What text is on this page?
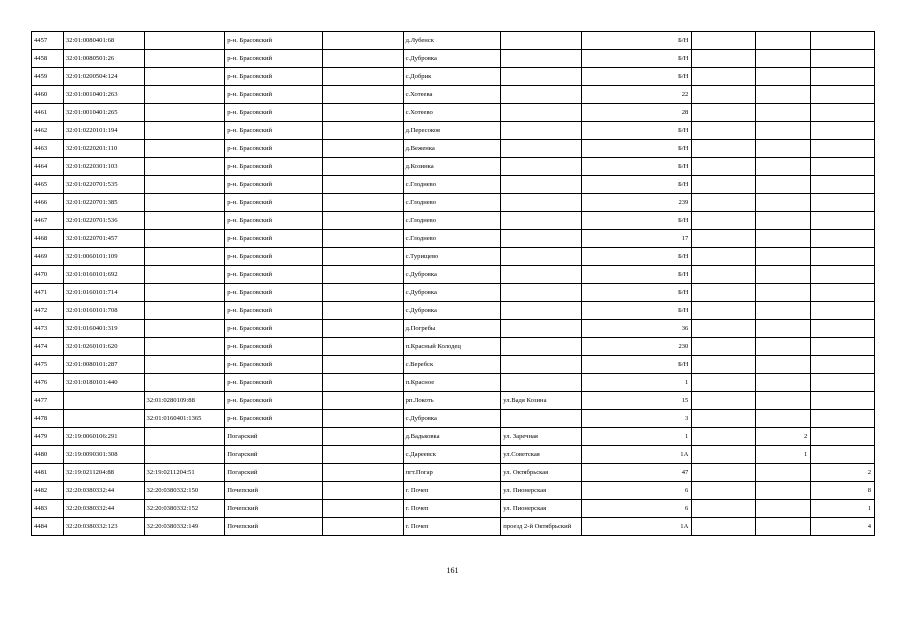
4457	32:01:0080401:68		р-н. Брасовский		д.Лубенск		Б/Н			
4458	32:01:0080501:26		р-н. Брасовский		с.Дубровка		Б/Н			
4459	32:01:0200504:124		р-н. Брасовский		с.Добрик		Б/Н			
4460	32:01:0010401:263		р-н. Брасовский		с.Хотеева		22			
4461	32:01:0010401:265		р-н. Брасовский		с.Хотеево		28			
4462	32:01:0220101:194		р-н. Брасовский		д.Пересокоя		Б/Н			
4463	32:01:0220201:110		р-н. Брасовский		д.Веженка		Б/Н			
4464	32:01:0220301:103		р-н. Брасовский		д.Козинка		Б/Н			
4465	32:01:0220701:535		р-н. Брасовский		с.Глоднево		Б/Н			
4466	32:01:0220701:385		р-н. Брасовский		с.Глоднево		239			
4467	32:01:0220701:536		р-н. Брасовский		с.Глоднево		Б/Н			
4468	32:01:0220701:457		р-н. Брасовский		с.Глоднево		17			
4469	32:01:0060101:109		р-н. Брасовский		с.Турищево		Б/Н			
4470	32:01:0160101:692		р-н. Брасовский		с.Дубровка		Б/Н			
4471	32:01:0160101:714		р-н. Брасовский		с.Дубровка		Б/Н			
4472	32:01:0160101:708		р-н. Брасовский		с.Дубровка		Б/Н			
4473	32:01:0160401:319		р-н. Брасовский		д.Погребы		36			
4474	32:01:0260101:620		р-н. Брасовский		п.Красный Колодец		230			
4475	32:01:0080101:287		р-н. Брасовский		с.Веребск		Б/Н			
4476	32:01:0180101:440		р-н. Брасовский		п.Красное		1			
4477		32:01:0280109:88	р-н. Брасовский		рп.Локоть	ул.Вадя Козина	15			
4478		32:01:0160401:1365	р-н. Брасовский		с.Дубровка		3			
4479	32:19:0060106:291		Погарский		д.Вадьковка	ул. Заречная	1		2	
4480	32:19:0090301:308		Погарский		с.Дареевск	ул.Советская	1А		1	
4481	32:19:0211204:88	32:19:0211204:51	Погарский		пгт.Погар	ул. Октябрьская	47			2
4482	32:20:0380332:44	32:20:0380332:150	Почепский		г. Почеп	ул. Пионерская	6			8
4483	32:20:0380332:44	32:20:0380332:152	Почепский		г. Почеп	ул. Пионерская	6			1
4484	32:20:0380332:123	32:20:0380332:149	Почепский		г. Почеп	проезд 2-й Октябрьский	1А			4
161
